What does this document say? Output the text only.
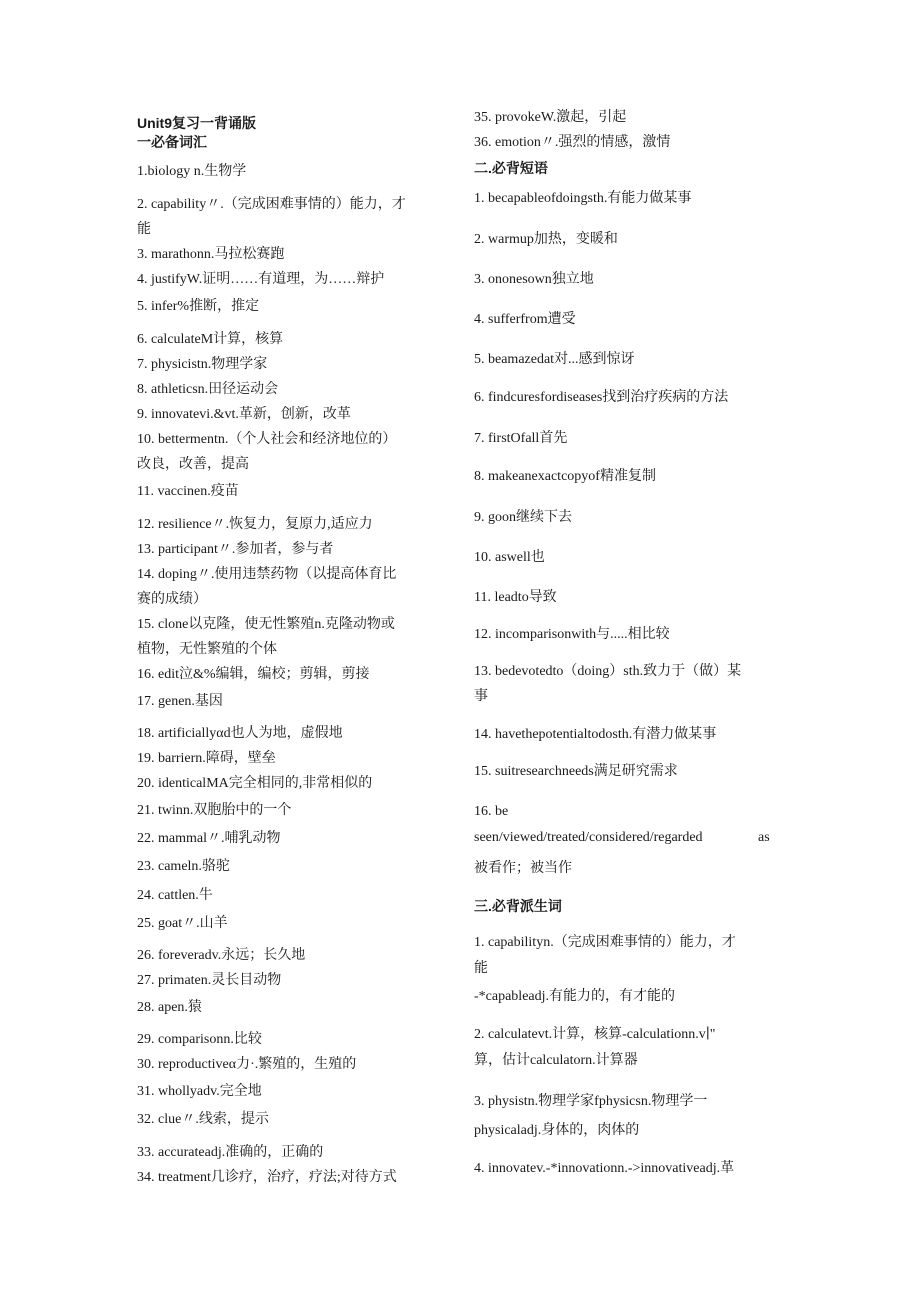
Unit9复习一背诵版
一必备词汇
1.biology n.生物学
2. capability〃.（完成困难事情的）能力，才
能
3. marathonn.马拉松赛跑
4. justifyW.证明……有道理，为……辩护
5. infer%推断，推定
6. calculateM计算，核算
7. physicistn.物理学家
8. athleticsn.田径运动会
9. innovatevi.&vt.革新，创新，改革
10. bettermentn.（个人社会和经济地位的）
改良，改善，提高
11. vaccinen.疫苗
12. resilience〃.恢复力，复原力,适应力
13. participant〃.参加者，参与者
14. doping〃.使用违禁药物（以提高体育比
赛的成绩）
15. clone以克隆，使无性繁殖n.克隆动物或
植物，无性繁殖的个体
16. edit泣&%编辑，编校；剪辑，剪接
17. genen.基因
18. artificiallyαd也人为地，虚假地
19. barriern.障碍，壁垒
20. identicalMA完全相同的,非常相似的
21. twinn.双胞胎中的一个
22. mammal〃.哺乳动物
23. cameln.骆驼
24. cattlen.牛
25. goat〃.山羊
26. foreveradv.永远；长久地
27. primaten.灵长目动物
28. apen.猿
29. comparisonn.比较
30. reproductiveα力·.繁殖的，生殖的
31. whollyadv.完全地
32. clue〃.线索，提示
33. accurateadj.准确的，正确的
34. treatment几诊疗，治疗，疗法;对待方式
35. provokeW.激起，引起
36. emotion〃.强烈的情感，激情
二.必背短语
1. becapableofdoingsth.有能力做某事
2. warmup加热，变暖和
3. ononesown独立地
4. sufferfrom遭受
5. beamazedat对...感到惊讶
6. findcuresfordiseases找到治疗疾病的方法
7. firstOfall首先
8. makeanexactcopyof精准复制
9. goon继续下去
10. aswell也
11. leadto导致
12. incomparisonwith与.....相比较
13. bedevotedto（doing）sth.致力于（做）某
事
14. havethepotentialtodosth.有潜力做某事
15. suitresearchneeds满足研究需求
16. be
seen/viewed/treated/considered/regarded	as
被看作；被当作
三.必背派生词
1. capabilityn.（完成困难事情的）能力，才
能
-*capableadj.有能力的，有才能的
2. calculatevt.计算，核算-calculationn.v∣"
算，估计calculatorn.计算器
3. physistn.物理学家fphysicsn.物理学一
physicaladj.身体的，肉体的
4. innovatev.-*innovationn.->innovativeadj.革
